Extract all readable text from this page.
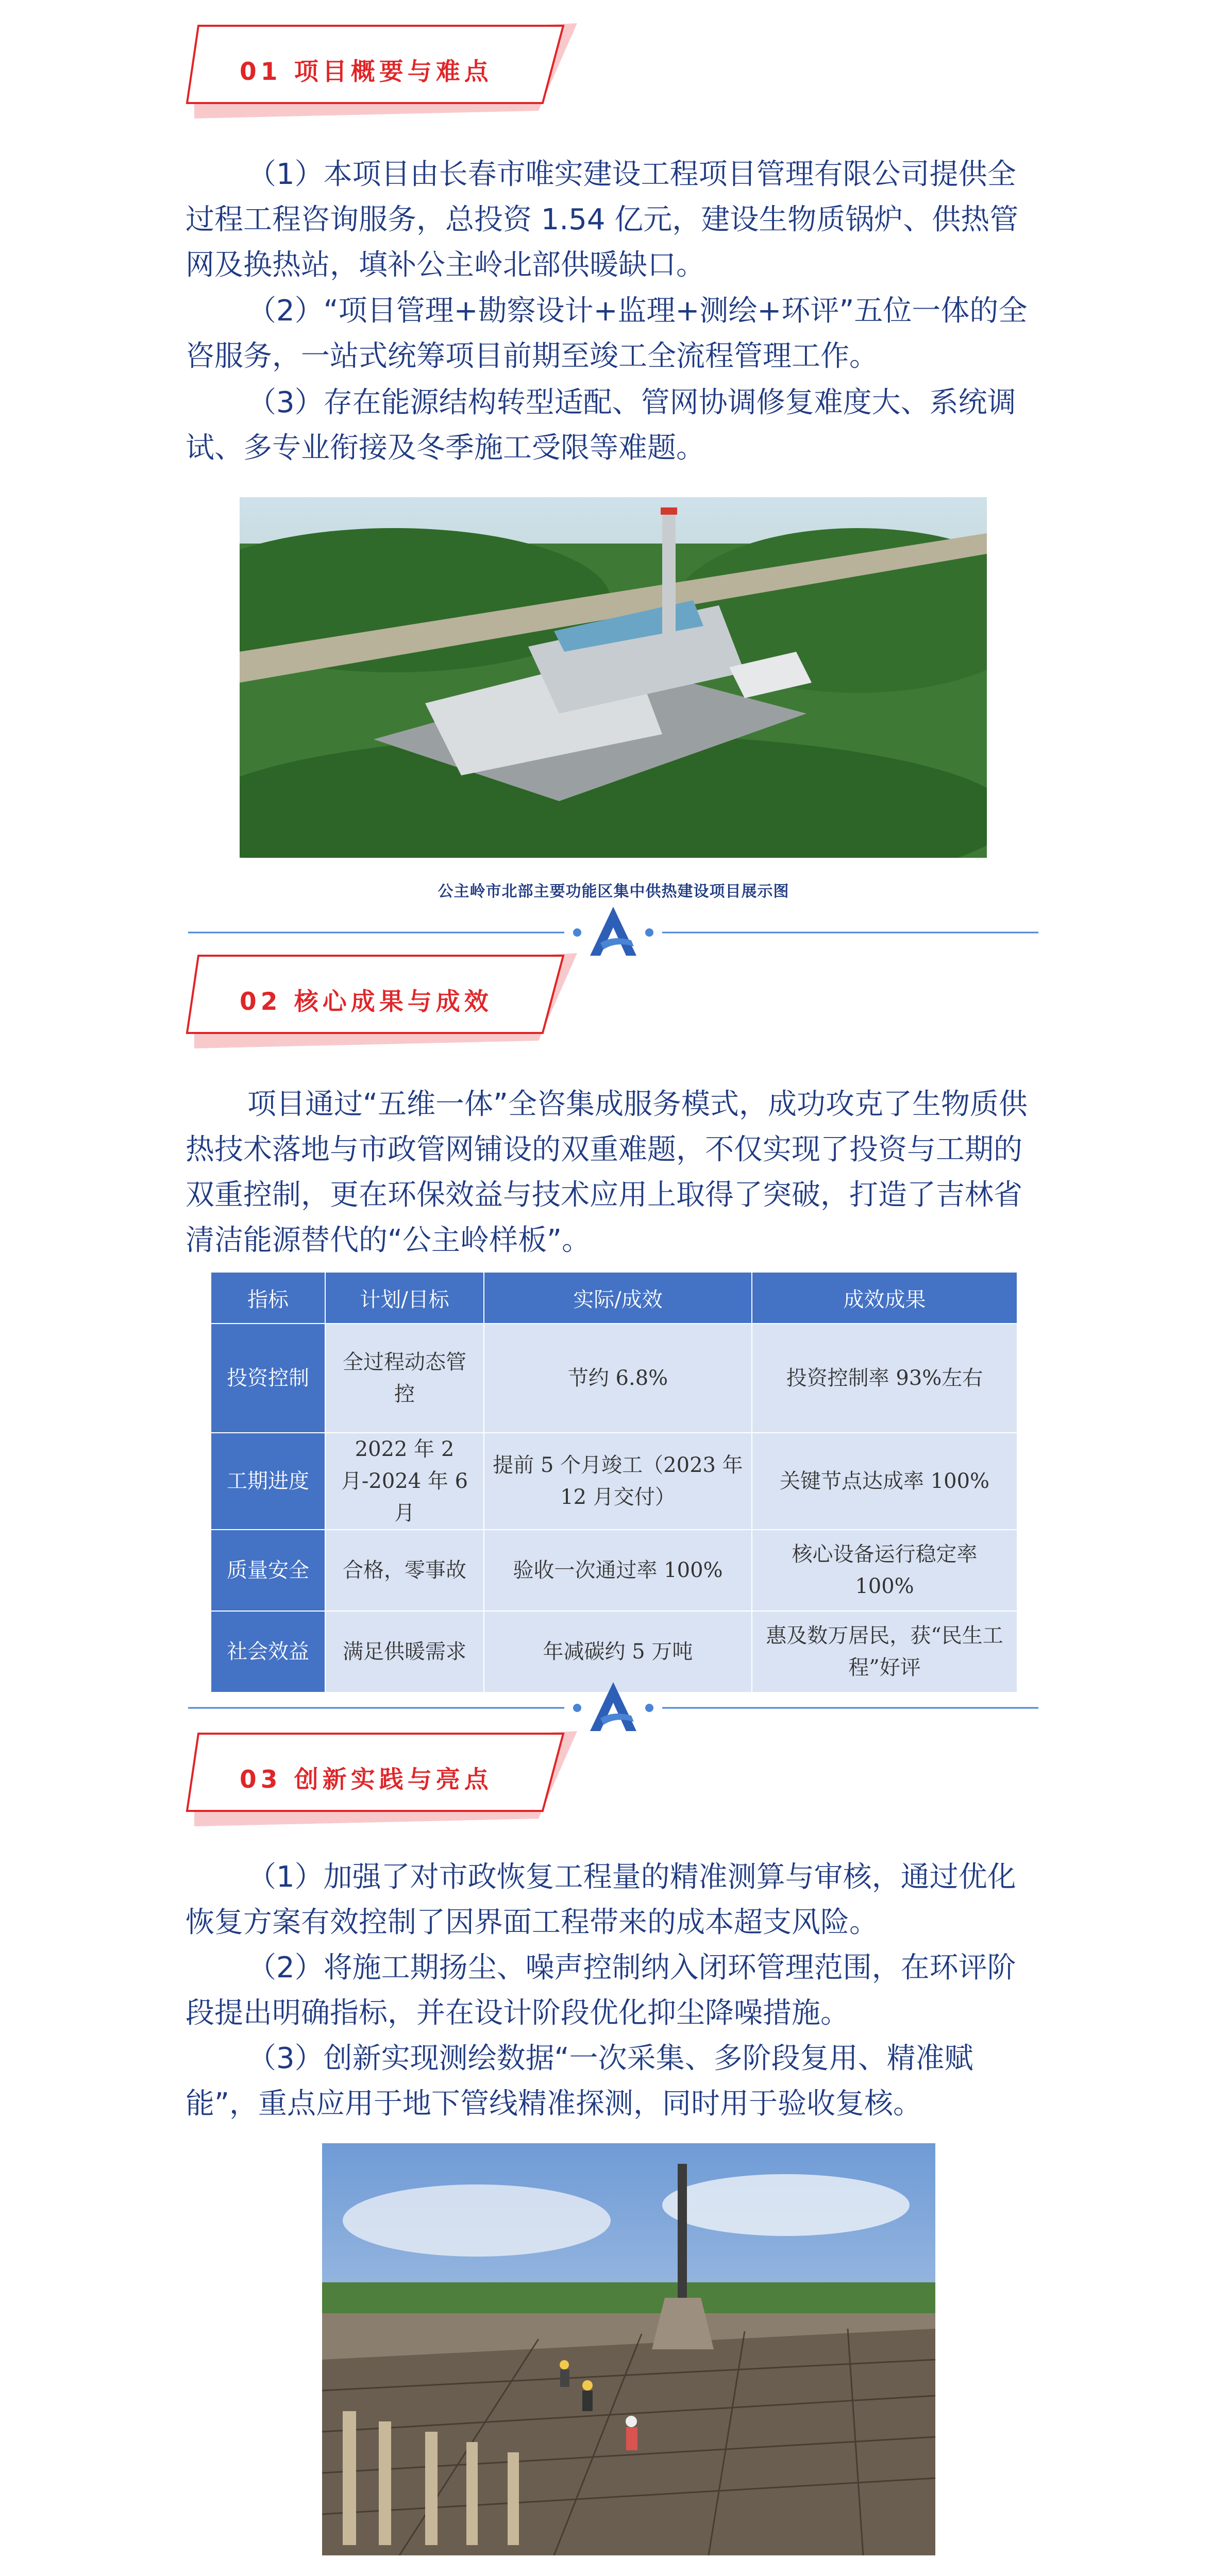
01 项目概要与难点

（1）本项目由长春市唯实建设工程项目管理有限公司提供全过程工程咨询服务，总投资 1.54 亿元，建设生物质锅炉、供热管网及换热站，填补公主岭北部供暖缺口。

（2）“项目管理+勘察设计+监理+测绘+环评”五位一体的全咨服务，一站式统筹项目前期至竣工全流程管理工作。

（3）存在能源结构转型适配、管网协调修复难度大、系统调试、多专业衔接及冬季施工受限等难题。

公主岭市北部主要功能区集中供热建设项目展示图
02 核心成果与成效

项目通过“五维一体”全咨集成服务模式，成功攻克了生物质供热技术落地与市政管网铺设的双重难题，不仅实现了投资与工期的双重控制，更在环保效益与技术应用上取得了突破，打造了吉林省清洁能源替代的“公主岭样板”。

指标	计划/目标	实际/成效	成效成果
投资控制	全过程动态管控	节约 6.8%	投资控制率 93%左右
工期进度	2022 年 2 月-2024 年 6 月	提前 5 个月竣工（2023 年 12 月交付）	关键节点达成率 100%
质量安全	合格，零事故	验收一次通过率 100%	核心设备运行稳定率 100%
社会效益	满足供暖需求	年减碳约 5 万吨	惠及数万居民，获“民生工程”好评
03 创新实践与亮点

（1）加强了对市政恢复工程量的精准测算与审核，通过优化恢复方案有效控制了因界面工程带来的成本超支风险。

（2）将施工期扬尘、噪声控制纳入闭环管理范围，在环评阶段提出明确指标，并在设计阶段优化抑尘降噪措施。

（3）创新实现测绘数据“一次采集、多阶段复用、精准赋能”，重点应用于地下管线精准探测，同时用于验收复核。
